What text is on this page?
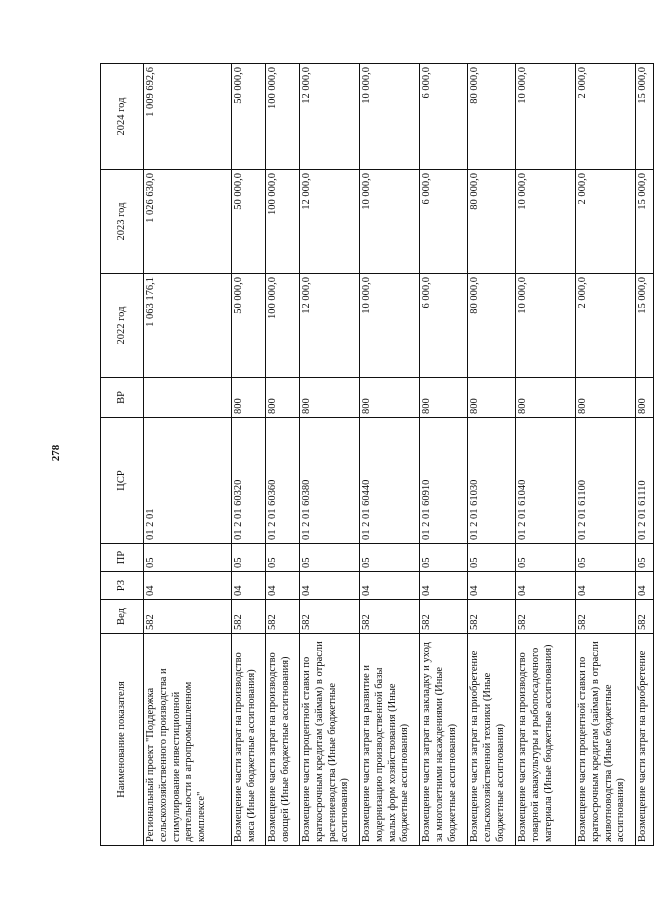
278
Наименование показателя	Вед	РЗ	ПР	ЦСР	ВР	2022 год	2023 год	2024 год
Региональный проект "Поддержка сельскохозяйственного производства и стимулирование инвестиционной деятельности в агропромышленном комплексе"	582	04	05	01 2 01		1 063 176,1	1 026 630,0	1 009 692,6
Возмещение части затрат на производство мяса (Иные бюджетные ассигнования)	582	04	05	01 2 01 60320	800	50 000,0	50 000,0	50 000,0
Возмещение части затрат на производство овощей (Иные бюджетные ассигнования)	582	04	05	01 2 01 60360	800	100 000,0	100 000,0	100 000,0
Возмещение части процентной ставки по краткосрочным кредитам (займам) в отрасли растениеводства (Иные бюджетные ассигнования)	582	04	05	01 2 01 60380	800	12 000,0	12 000,0	12 000,0
Возмещение части затрат на развитие и модернизацию производственной базы малых форм хозяйствования (Иные бюджетные ассигнования)	582	04	05	01 2 01 60440	800	10 000,0	10 000,0	10 000,0
Возмещение части затрат на закладку и уход за многолетними насаждениями (Иные бюджетные ассигнования)	582	04	05	01 2 01 60910	800	6 000,0	6 000,0	6 000,0
Возмещение части затрат на приобретение сельскохозяйственной техники (Иные бюджетные ассигнования)	582	04	05	01 2 01 61030	800	80 000,0	80 000,0	80 000,0
Возмещение части затрат на производство товарной аквакультуры и рыбопосадочного материала (Иные бюджетные ассигнования)	582	04	05	01 2 01 61040	800	10 000,0	10 000,0	10 000,0
Возмещение части процентной ставки по краткосрочным кредитам (займам) в отрасли животноводства (Иные бюджетные ассигнования)	582	04	05	01 2 01 61100	800	2 000,0	2 000,0	2 000,0
Возмещение части затрат на приобретение	582	04	05	01 2 01 61110	800	15 000,0	15 000,0	15 000,0
